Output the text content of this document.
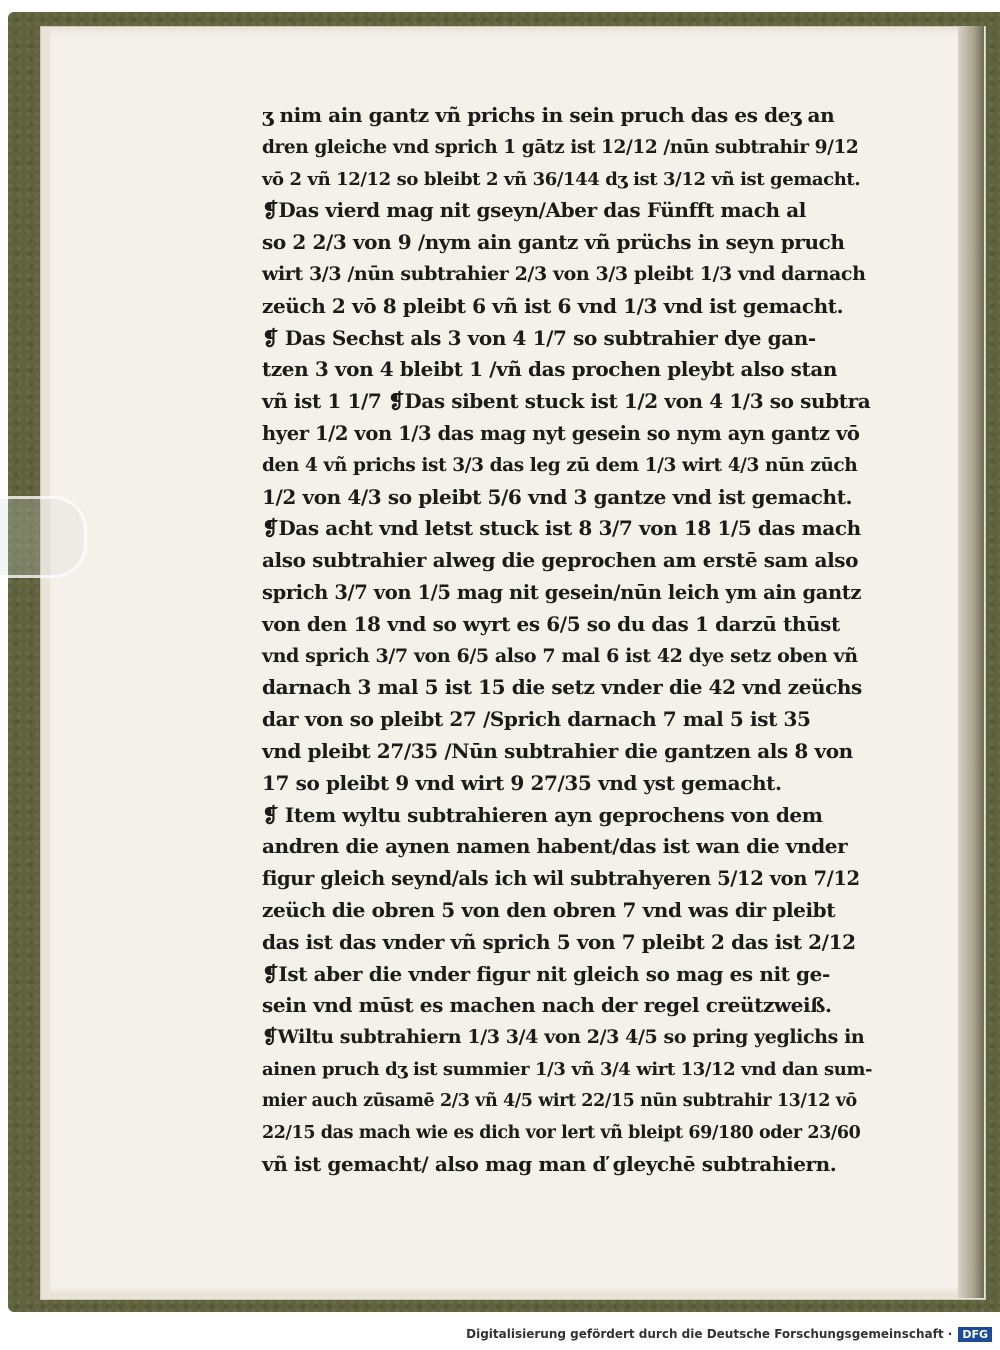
ʒ nim ain gantz vñ prichs in sein pruch das es deʒ an
dren gleiche vnd sprich 1 gātz ist 12/12 /nūn subtrahir 9/12
vō 2 vñ 12/12 so bleibt 2 vñ 36/144 dʒ ist 3/12 vñ ist gemacht.
❡Das vierd mag nit gseyn/Aber das Fünfft mach al
so 2 2/3 von 9 /nym ain gantz vñ prüchs in seyn pruch
wirt 3/3 /nūn subtrahier 2/3 von 3/3 pleibt 1/3 vnd darnach
zeüch 2 vō 8 pleibt 6 vñ ist 6 vnd 1/3 vnd ist gemacht.
❡ Das Sechst als 3 von 4 1/7 so subtrahier dye gan-
tzen 3 von 4 bleibt 1 /vñ das prochen pleybt also stan
vñ ist 1 1/7 ❡Das sibent stuck ist 1/2 von 4 1/3 so subtra
hyer 1/2 von 1/3 das mag nyt gesein so nym ayn gantz vō
den 4 vñ prichs ist 3/3 das leg zū dem 1/3 wirt 4/3 nūn zūch
1/2 von 4/3 so pleibt 5/6 vnd 3 gantze vnd ist gemacht.
❡Das acht vnd letst stuck ist 8 3/7 von 18 1/5 das mach
also subtrahier alweg die geprochen am erstē sam also
sprich 3/7 von 1/5 mag nit gesein/nūn leich ym ain gantz
von den 18 vnd so wyrt es 6/5 so du das 1 darzū thūst
vnd sprich 3/7 von 6/5 also 7 mal 6 ist 42 dye setz oben vñ
darnach 3 mal 5 ist 15 die setz vnder die 42 vnd zeüchs
dar von so pleibt 27 /Sprich darnach 7 mal 5 ist 35
vnd pleibt 27/35 /Nūn subtrahier die gantzen als 8 von
17 so pleibt 9 vnd wirt 9 27/35 vnd yst gemacht.
❡ Item wyltu subtrahieren ayn geprochens von dem
andren die aynen namen habent/das ist wan die vnder
figur gleich seynd/als ich wil subtrahyeren 5/12 von 7/12
zeüch die obren 5 von den obren 7 vnd was dir pleibt
das ist das vnder vñ sprich 5 von 7 pleibt 2 das ist 2/12
❡Ist aber die vnder figur nit gleich so mag es nit ge-
sein vnd mūst es machen nach der regel creützweiß.
❡Wiltu subtrahiern 1/3 3/4 von 2/3 4/5 so pring yeglichs in
ainen pruch dʒ ist summier 1/3 vñ 3/4 wirt 13/12 vnd dan sum-
mier auch zūsamē 2/3 vñ 4/5 wirt 22/15 nūn subtrahir 13/12 vō
22/15 das mach wie es dich vor lert vñ bleipt 69/180 oder 23/60
vñ ist gemacht/ also mag man ď gleychē subtrahiern.
Digitalisierung gefördert durch die Deutsche Forschungsgemeinschaft · DFG
